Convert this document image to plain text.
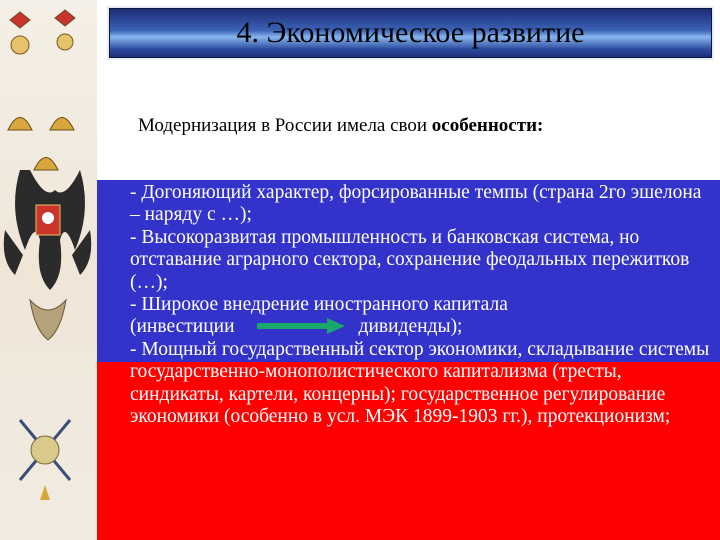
4. Экономическое развитие
Модернизация в России имела свои особенности:

- Догоняющий характер, форсированные темпы (страна 2го эшелона – наряду с …);

- Высокоразвитая промышленность и банковская система, но отставание аграрного сектора, сохранение феодальных пережитков (…);

- Широкое внедрение иностранного капитала

(инвестиции	дивиденды);

- Мощный государственный сектор экономики, складывание системы государственно-монополистического капитализма (тресты, синдикаты, картели, концерны); государственное регулирование экономики (особенно в усл. МЭК 1899-1903 гг.), протекционизм;
